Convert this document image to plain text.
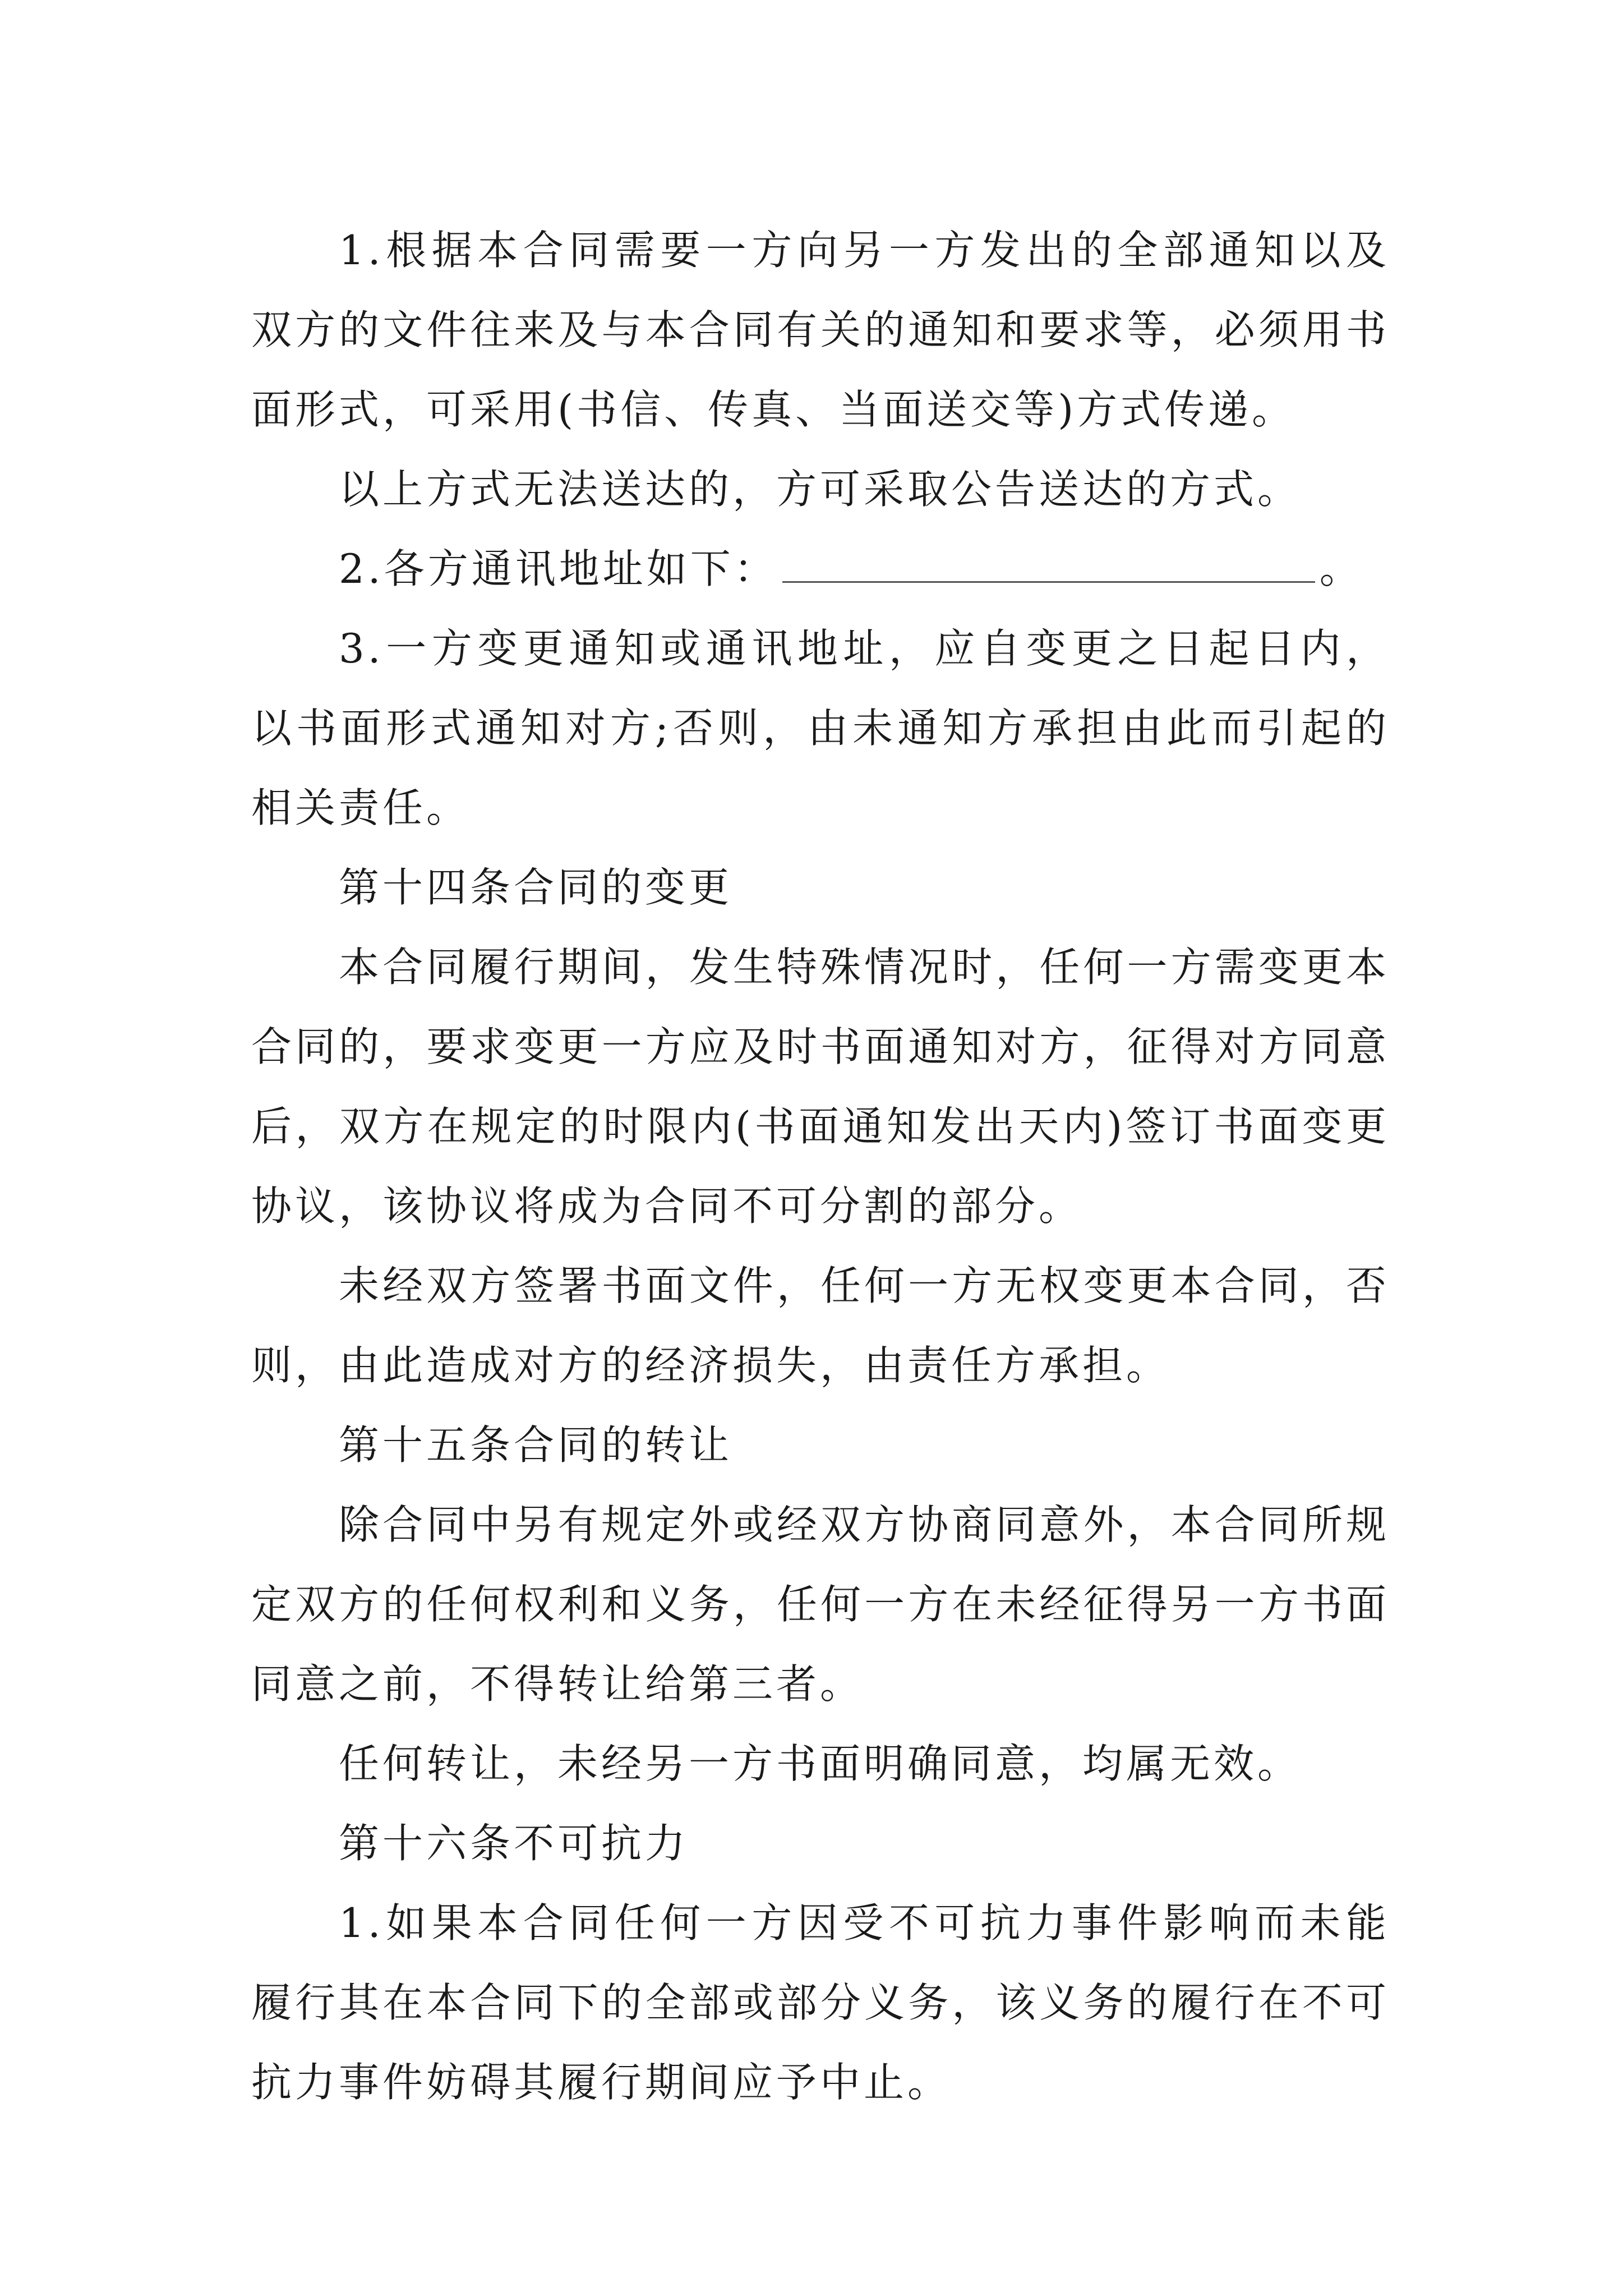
1.根据本合同需要一方向另一方发出的全部通知以及双方的文件往来及与本合同有关的通知和要求等，必须用书面形式，可采用(书信、传真、当面送交等)方式传递。

以上方式无法送达的，方可采取公告送达的方式。

2.各方通讯地址如下：	。

3.一方变更通知或通讯地址，应自变更之日起日内，以书面形式通知对方;否则，由未通知方承担由此而引起的相关责任。

第十四条合同的变更

本合同履行期间，发生特殊情况时，任何一方需变更本合同的，要求变更一方应及时书面通知对方，征得对方同意后，双方在规定的时限内(书面通知发出天内)签订书面变更协议，该协议将成为合同不可分割的部分。

未经双方签署书面文件，任何一方无权变更本合同，否则，由此造成对方的经济损失，由责任方承担。

第十五条合同的转让

除合同中另有规定外或经双方协商同意外，本合同所规定双方的任何权利和义务，任何一方在未经征得另一方书面同意之前，不得转让给第三者。

任何转让，未经另一方书面明确同意，均属无效。

第十六条不可抗力

1.如果本合同任何一方因受不可抗力事件影响而未能履行其在本合同下的全部或部分义务，该义务的履行在不可抗力事件妨碍其履行期间应予中止。
